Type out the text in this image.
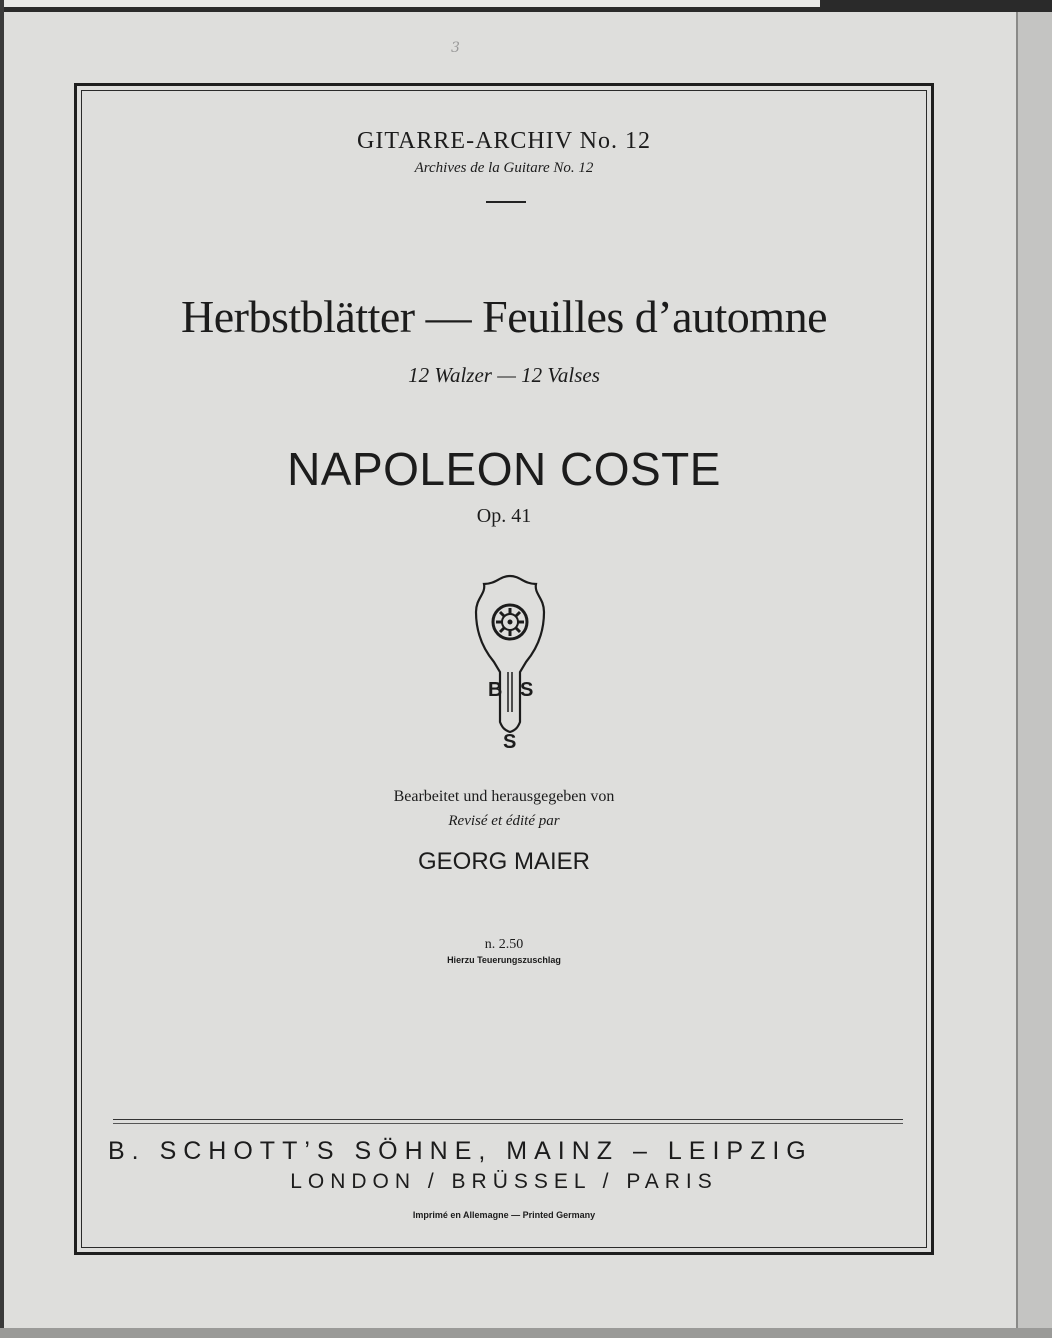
3
GITARRE-ARCHIV No. 12
Archives de la Guitare No. 12
Herbstblätter — Feuilles d’automne
12 Walzer — 12 Valses
NAPOLEON COSTE
Op. 41
B S
S
Bearbeitet und herausgegeben von
Revisé et édité par
GEORG MAIER
n. 2.50
Hierzu Teuerungszuschlag
B. SCHOTT’S SÖHNE, MAINZ – LEIPZIG
LONDON / BRÜSSEL / PARIS
Imprimé en Allemagne — Printed Germany
